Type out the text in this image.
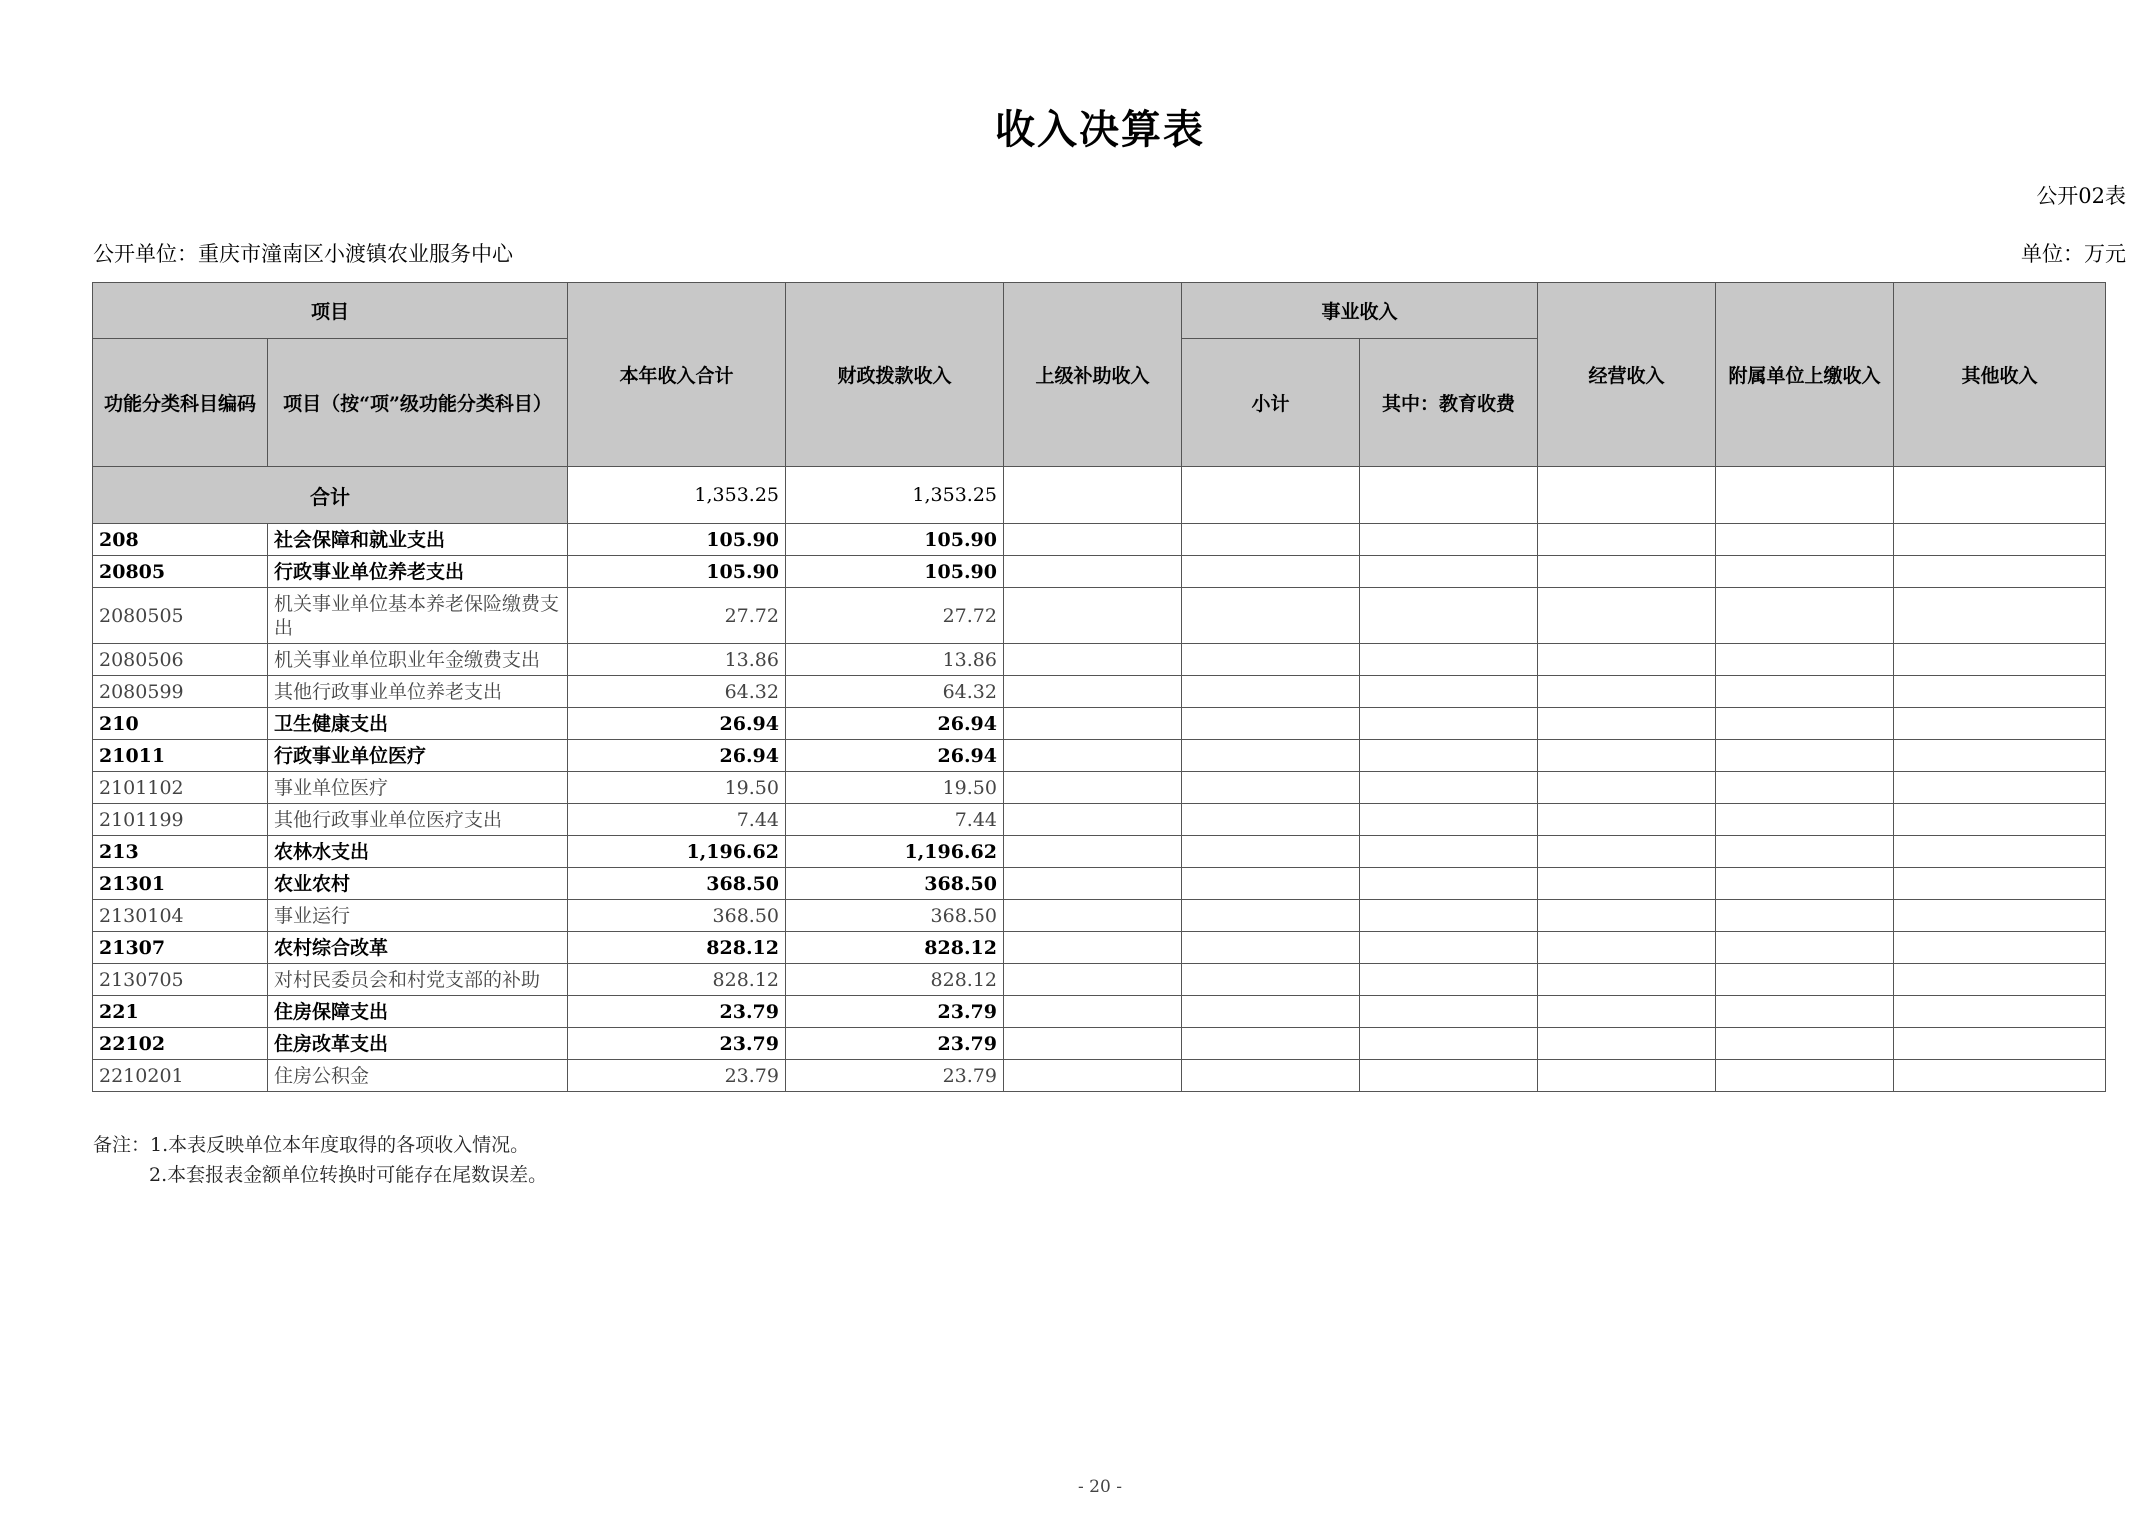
收入决算表
公开02表
公开单位：重庆市潼南区小渡镇农业服务中心	单位：万元
项目		本年收入合计	财政拨款收入	上级补助收入	事业收入		经营收入	附属单位上缴收入	其他收入
功能分类科目编码	项目（按“项”级功能分类科目）				小计	其中：教育收费			
合计		1,353.25	1,353.25						
208	社会保障和就业支出	105.90	105.90						
20805	行政事业单位养老支出	105.90	105.90						
2080505	机关事业单位基本养老保险缴费支出	27.72	27.72						
2080506	机关事业单位职业年金缴费支出	13.86	13.86						
2080599	其他行政事业单位养老支出	64.32	64.32						
210	卫生健康支出	26.94	26.94						
21011	行政事业单位医疗	26.94	26.94						
2101102	事业单位医疗	19.50	19.50						
2101199	其他行政事业单位医疗支出	7.44	7.44						
213	农林水支出	1,196.62	1,196.62						
21301	农业农村	368.50	368.50						
2130104	事业运行	368.50	368.50						
21307	农村综合改革	828.12	828.12						
2130705	对村民委员会和村党支部的补助	828.12	828.12						
221	住房保障支出	23.79	23.79						
22102	住房改革支出	23.79	23.79						
2210201	住房公积金	23.79	23.79						
备注：1.本表反映单位本年度取得的各项收入情况。
2.本套报表金额单位转换时可能存在尾数误差。
- 20 -
